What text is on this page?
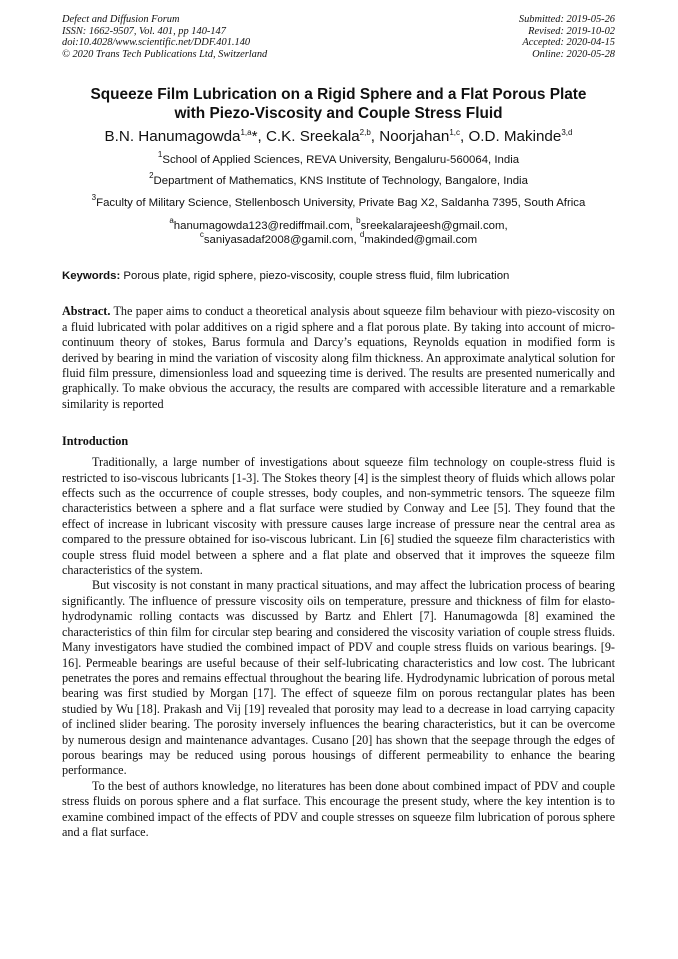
Defect and Diffusion Forum
ISSN: 1662-9507, Vol. 401, pp 140-147
doi:10.4028/www.scientific.net/DDF.401.140
© 2020 Trans Tech Publications Ltd, Switzerland
Submitted: 2019-05-26
Revised: 2019-10-02
Accepted: 2020-04-15
Online: 2020-05-28
Squeeze Film Lubrication on a Rigid Sphere and a Flat Porous Plate
with Piezo-Viscosity and Couple Stress Fluid
B.N. Hanumagowda$^{1,a}$*, C.K. Sreekala$^{2,b}$, Noorjahan$^{1,c}$, O.D. Makinde$^{3,d}$
$^1$School of Applied Sciences, REVA University, Bengaluru-560064, India
$^2$Department of Mathematics, KNS Institute of Technology, Bangalore, India
$^3$Faculty of Military Science, Stellenbosch University, Private Bag X2, Saldanha 7395, South Africa
$^a$hanumagowda123@rediffmail.com, $^b$sreekalarajeesh@gmail.com,
$^c$saniyasadaf2008@gamil.com, $^d$makinded@gmail.com
Keywords: Porous plate, rigid sphere, piezo-viscosity, couple stress fluid, film lubrication
Abstract. The paper aims to conduct a theoretical analysis about squeeze film behaviour with piezo-viscosity on a fluid lubricated with polar additives on a rigid sphere and a flat porous plate. By taking into account of micro-continuum theory of stokes, Barus formula and Darcy’s equations, Reynolds equation in modified form is derived by bearing in mind the variation of viscosity along film thickness. An approximate analytical solution for fluid film pressure, dimensionless load and squeezing time is derived. The results are presented numerically and graphically. To make obvious the accuracy, the results are compared with accessible literature and a remarkable similarity is reported
Introduction

Traditionally, a large number of investigations about squeeze film technology on couple-stress fluid is restricted to iso-viscous lubricants [1-3]. The Stokes theory [4] is the simplest theory of fluids which allows polar effects such as the occurrence of couple stresses, body couples, and non-symmetric tensors. The squeeze film characteristics between a sphere and a flat surface were studied by Conway and Lee [5]. They found that the effect of increase in lubricant viscosity with pressure causes large increase of pressure near the central area as compared to the pressure obtained for iso-viscous lubricant. Lin [6] studied the squeeze film characteristics with couple stress fluid model between a sphere and a flat plate and observed that it improves the squeeze film characteristics of the system.

But viscosity is not constant in many practical situations, and may affect the lubrication process of bearing significantly. The influence of pressure viscosity oils on temperature, pressure and thickness of film for elasto-hydrodynamic rolling contacts was discussed by Bartz and Ehlert [7]. Hanumagowda [8] examined the characteristics of thin film for circular step bearing and considered the viscosity variation of couple stress fluids. Many investigators have studied the combined impact of PDV and couple stress fluids on various bearings. [9-16]. Permeable bearings are useful because of their self-lubricating characteristics and low cost. The lubricant penetrates the pores and remains effectual throughout the bearing life. Hydrodynamic lubrication of porous metal bearing was first studied by Morgan [17]. The effect of squeeze film on porous rectangular plates has been studied by Wu [18]. Prakash and Vij [19] revealed that porosity may lead to a decrease in load carrying capacity of inclined slider bearing. The porosity inversely influences the bearing characteristics, but it can be overcome by numerous design and maintenance advantages. Cusano [20] has shown that the seepage through the edges of porous bearings may be reduced using porous housings of different permeability to enhance the bearing performance.

To the best of authors knowledge, no literatures has been done about combined impact of PDV and couple stress fluids on porous sphere and a flat surface. This encourage the present study, where the key intention is to examine combined impact of the effects of PDV and couple stresses on squeeze film lubrication of porous sphere and a flat surface.
